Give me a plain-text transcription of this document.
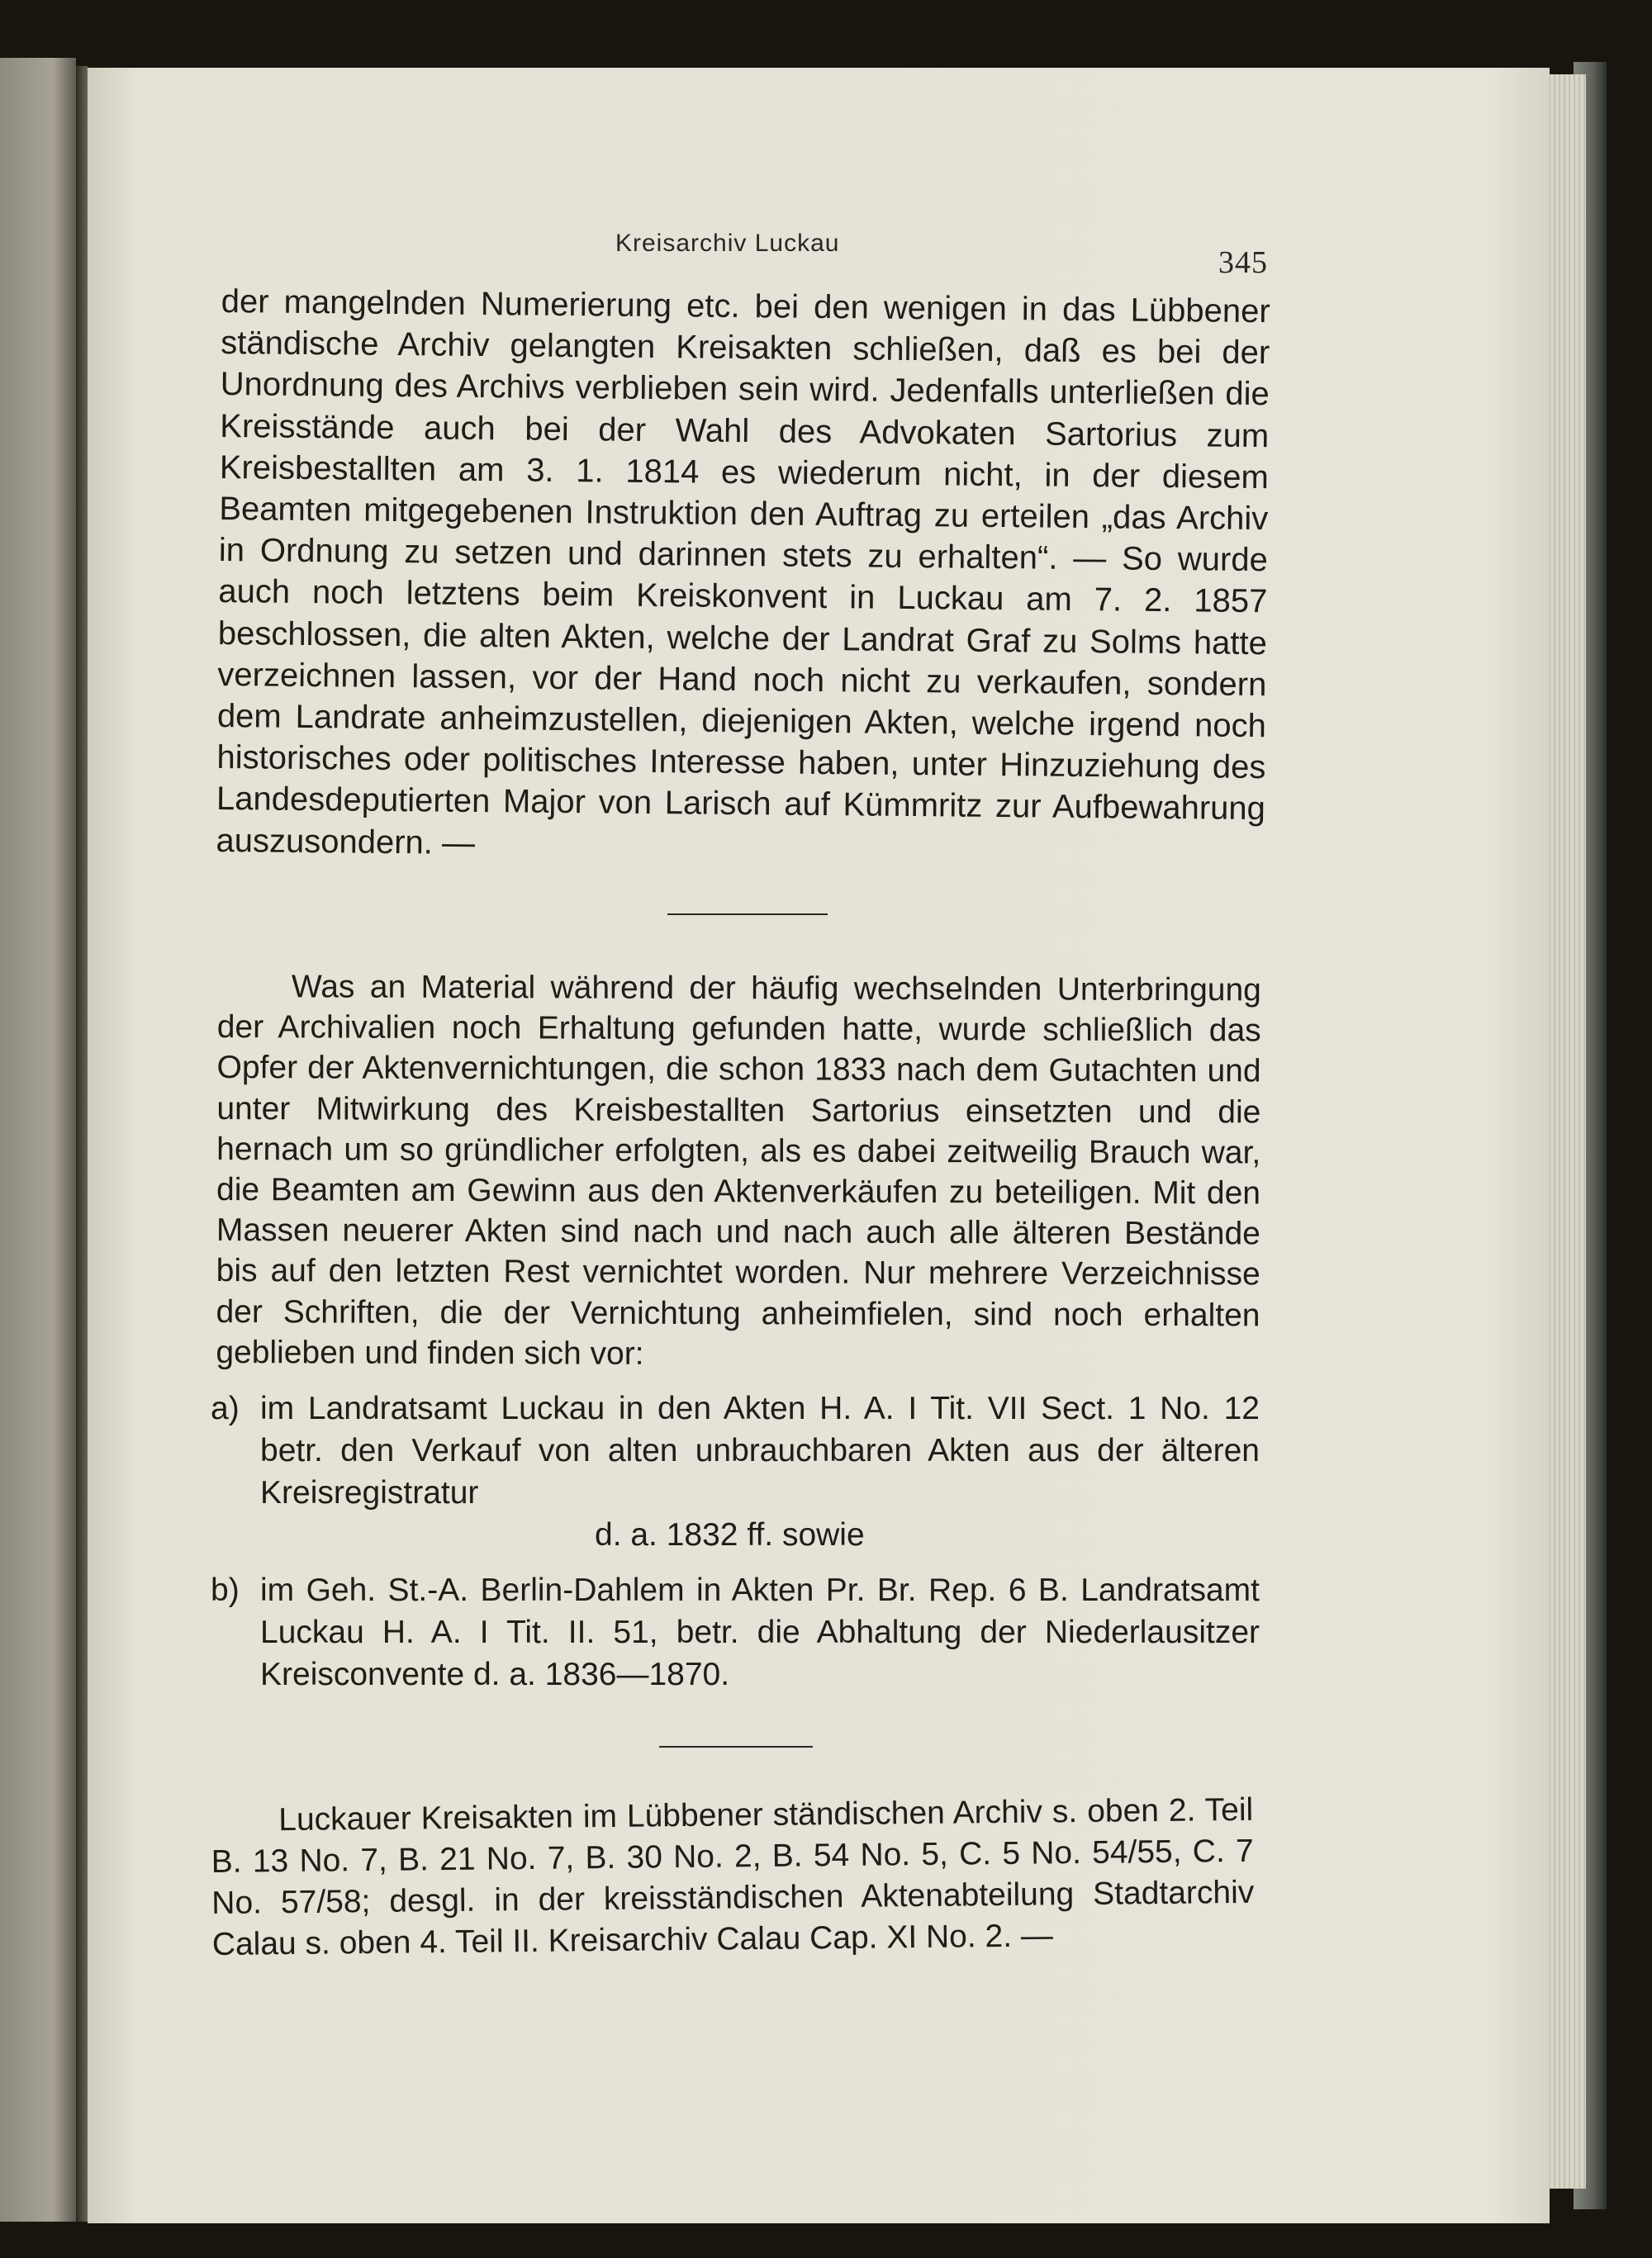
Kreisarchiv Luckau
345

der mangelnden Numerierung etc. bei den wenigen in das Lübbener ständische Archiv gelangten Kreisakten schließen, daß es bei der Unordnung des Archivs verblieben sein wird. Jedenfalls unterließen die Kreisstände auch bei der Wahl des Advokaten Sartorius zum Kreisbestallten am 3. 1. 1814 es wiederum nicht, in der diesem Beamten mitgegebenen Instruktion den Auftrag zu erteilen „das Archiv in Ordnung zu setzen und darinnen stets zu erhalten“. — So wurde auch noch letztens beim Kreiskonvent in Luckau am 7. 2. 1857 beschlossen, die alten Akten, welche der Landrat Graf zu Solms hatte verzeichnen lassen, vor der Hand noch nicht zu verkaufen, sondern dem Landrate anheimzustellen, diejenigen Akten, welche irgend noch historisches oder politisches Interesse haben, unter Hinzuziehung des Landesdeputierten Major von Larisch auf Kümmritz zur Aufbewahrung auszusondern. —

Was an Material während der häufig wechselnden Unterbringung der Archivalien noch Erhaltung gefunden hatte, wurde schließlich das Opfer der Aktenvernichtungen, die schon 1833 nach dem Gutachten und unter Mitwirkung des Kreisbestallten Sartorius einsetzten und die hernach um so gründlicher erfolgten, als es dabei zeitweilig Brauch war, die Beamten am Gewinn aus den Aktenverkäufen zu beteiligen. Mit den Massen neuerer Akten sind nach und nach auch alle älteren Bestände bis auf den letzten Rest vernichtet worden. Nur mehrere Verzeichnisse der Schriften, die der Vernichtung anheimfielen, sind noch erhalten geblieben und finden sich vor:

a) im Landratsamt Luckau in den Akten H. A. I Tit. VII Sect. 1 No. 12 betr. den Verkauf von alten unbrauchbaren Akten aus der älteren Kreisregistratur
d. a. 1832 ff. sowie
b) im Geh. St.-A. Berlin-Dahlem in Akten Pr. Br. Rep. 6 B. Landratsamt Luckau H. A. I Tit. II. 51, betr. die Abhaltung der Niederlausitzer Kreisconvente d. a. 1836—1870.

Luckauer Kreisakten im Lübbener ständischen Archiv s. oben 2. Teil B. 13 No. 7, B. 21 No. 7, B. 30 No. 2, B. 54 No. 5, C. 5 No. 54/55, C. 7 No. 57/58; desgl. in der kreisständischen Aktenabteilung Stadtarchiv Calau s. oben 4. Teil II. Kreisarchiv Calau Cap. XI No. 2. —
